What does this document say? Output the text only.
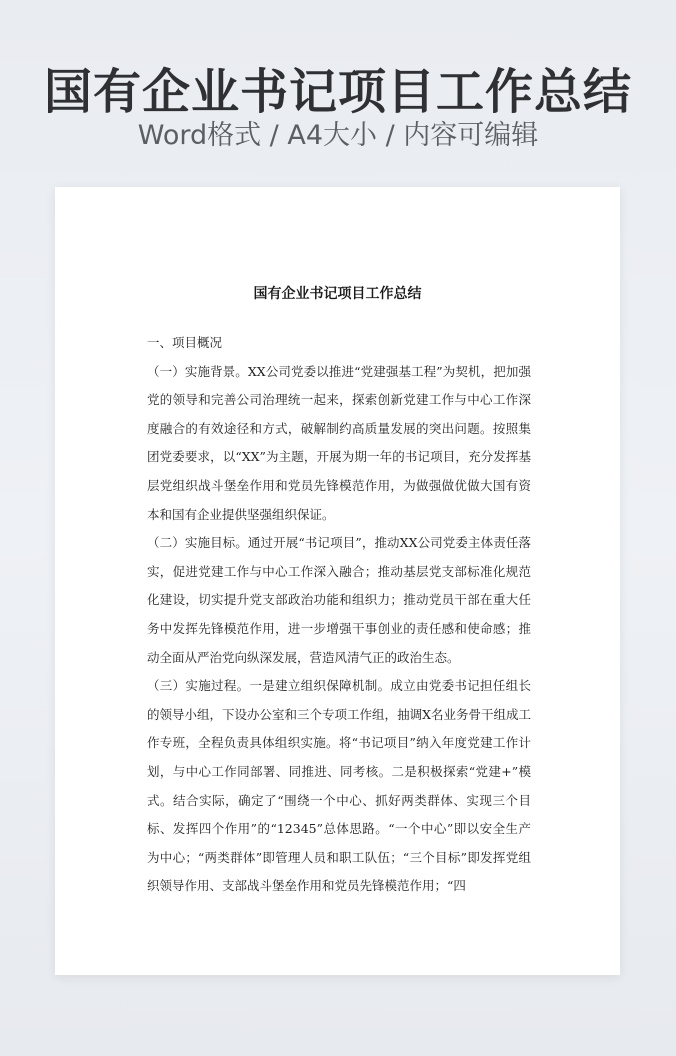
国有企业书记项目工作总结
Word格式 / A4大小 / 内容可编辑
国有企业书记项目工作总结

一、项目概况

（一）实施背景。XX公司党委以推进“党建强基工程”为契机，把加强党的领导和完善公司治理统一起来，探索创新党建工作与中心工作深度融合的有效途径和方式，破解制约高质量发展的突出问题。按照集团党委要求，以“XX”为主题，开展为期一年的书记项目，充分发挥基层党组织战斗堡垒作用和党员先锋模范作用，为做强做优做大国有资本和国有企业提供坚强组织保证。

（二）实施目标。通过开展“书记项目”，推动XX公司党委主体责任落实，促进党建工作与中心工作深入融合；推动基层党支部标准化规范化建设，切实提升党支部政治功能和组织力；推动党员干部在重大任务中发挥先锋模范作用，进一步增强干事创业的责任感和使命感；推动全面从严治党向纵深发展，营造风清气正的政治生态。

（三）实施过程。一是建立组织保障机制。成立由党委书记担任组长的领导小组，下设办公室和三个专项工作组，抽调X名业务骨干组成工作专班，全程负责具体组织实施。将“书记项目”纳入年度党建工作计划，与中心工作同部署、同推进、同考核。二是积极探索“党建+”模式。结合实际，确定了“围绕一个中心、抓好两类群体、实现三个目标、发挥四个作用”的“12345”总体思路。“一个中心”即以安全生产为中心；“两类群体”即管理人员和职工队伍；“三个目标”即发挥党组织领导作用、支部战斗堡垒作用和党员先锋模范作用；“四
